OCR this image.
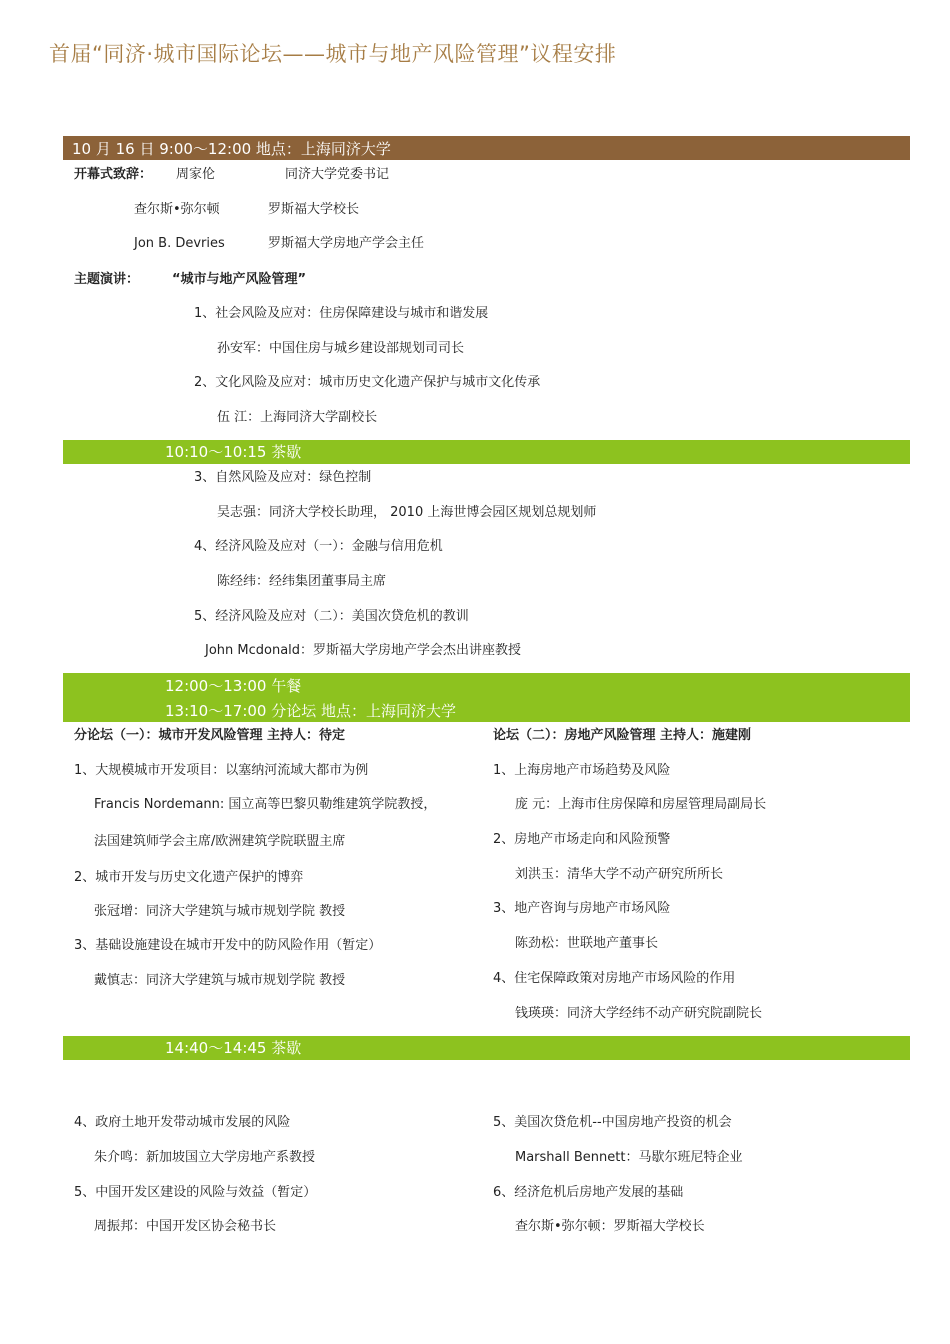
首届“同济·城市国际论坛——城市与地产风险管理”议程安排
10 月 16 日 9:00～12:00 地点：上海同济大学
开幕式致辞： 周家伦	同济大学党委书记
查尔斯•弥尔顿	罗斯福大学校长
Jon B. Devries	罗斯福大学房地产学会主任
主题演讲：	“城市与地产风险管理”
1、社会风险及应对：住房保障建设与城市和谐发展
孙安军：中国住房与城乡建设部规划司司长
2、文化风险及应对：城市历史文化遗产保护与城市文化传承
伍 江：上海同济大学副校长
10:10～10:15 茶歇
3、自然风险及应对：绿色控制
吴志强：同济大学校长助理， 2010 上海世博会园区规划总规划师
4、经济风险及应对（一）：金融与信用危机
陈经纬：经纬集团董事局主席
5、经济风险及应对（二）：美国次贷危机的教训
John Mcdonald：罗斯福大学房地产学会杰出讲座教授
12:00～13:00 午餐
13:10～17:00 分论坛 地点：上海同济大学
分论坛（一）：城市开发风险管理 主持人：待定
1、大规模城市开发项目：以塞纳河流域大都市为例
Francis Nordemann: 国立高等巴黎贝勒维建筑学院教授，
法国建筑师学会主席/欧洲建筑学院联盟主席
2、城市开发与历史文化遗产保护的博弈
张冠增：同济大学建筑与城市规划学院 教授
3、基础设施建设在城市开发中的防风险作用（暂定）
戴慎志：同济大学建筑与城市规划学院 教授
论坛（二）：房地产风险管理 主持人：施建刚
1、上海房地产市场趋势及风险
庞 元：上海市住房保障和房屋管理局副局长
2、房地产市场走向和风险预警
刘洪玉：清华大学不动产研究所所长
3、地产咨询与房地产市场风险
陈劲松：世联地产董事长
4、住宅保障政策对房地产市场风险的作用
钱瑛瑛：同济大学经纬不动产研究院副院长
14:40～14:45 茶歇
4、政府土地开发带动城市发展的风险
朱介鸣：新加坡国立大学房地产系教授
5、中国开发区建设的风险与效益（暂定）
周振邦：中国开发区协会秘书长
5、美国次贷危机--中国房地产投资的机会
Marshall Bennett：马歇尔班尼特企业
6、经济危机后房地产发展的基础
查尔斯•弥尔顿：罗斯福大学校长
